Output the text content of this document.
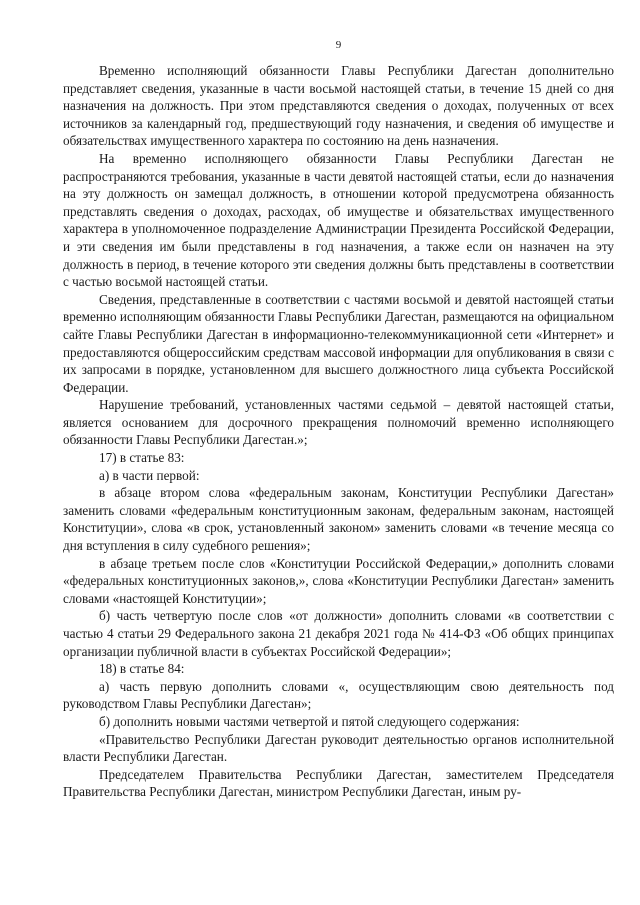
9

Временно исполняющий обязанности Главы Республики Дагестан дополнительно представляет сведения, указанные в части восьмой настоящей статьи, в течение 15 дней со дня назначения на должность. При этом представляются сведения о доходах, полученных от всех источников за календарный год, предшествующий году назначения, и сведения об имуществе и обязательствах имущественного характера по состоянию на день назначения.

На временно исполняющего обязанности Главы Республики Дагестан не распространяются требования, указанные в части девятой настоящей статьи, если до назначения на эту должность он замещал должность, в отношении которой предусмотрена обязанность представлять сведения о доходах, расходах, об имуществе и обязательствах имущественного характера в уполномоченное подразделение Администрации Президента Российской Федерации, и эти сведения им были представлены в год назначения, а также если он назначен на эту должность в период, в течение которого эти сведения должны быть представлены в соответствии с частью восьмой настоящей статьи.

Сведения, представленные в соответствии с частями восьмой и девятой настоящей статьи временно исполняющим обязанности Главы Республики Дагестан, размещаются на официальном сайте Главы Республики Дагестан в информационно-телекоммуникационной сети «Интернет» и предоставляются общероссийским средствам массовой информации для опубликования в связи с их запросами в порядке, установленном для высшего должностного лица субъекта Российской Федерации.

Нарушение требований, установленных частями седьмой – девятой настоящей статьи, является основанием для досрочного прекращения полномочий временно исполняющего обязанности Главы Республики Дагестан.»;

17) в статье 83:

а) в части первой:

в абзаце втором слова «федеральным законам, Конституции Республики Дагестан» заменить словами «федеральным конституционным законам, федеральным законам, настоящей Конституции», слова «в срок, установленный законом» заменить словами «в течение месяца со дня вступления в силу судебного решения»;

в абзаце третьем после слов «Конституции Российской Федерации,» дополнить словами «федеральных конституционных законов,», слова «Конституции Республики Дагестан» заменить словами «настоящей Конституции»;

б) часть четвертую после слов «от должности» дополнить словами «в соответствии с частью 4 статьи 29 Федерального закона 21 декабря 2021 года № 414-ФЗ «Об общих принципах организации публичной власти в субъектах Российской Федерации»;

18) в статье 84:

а) часть первую дополнить словами «, осуществляющим свою деятельность под руководством Главы Республики Дагестан»;

б) дополнить новыми частями четвертой и пятой следующего содержания:

«Правительство Республики Дагестан руководит деятельностью органов исполнительной власти Республики Дагестан.

Председателем Правительства Республики Дагестан, заместителем Председателя Правительства Республики Дагестан, министром Республики Дагестан, иным ру-
